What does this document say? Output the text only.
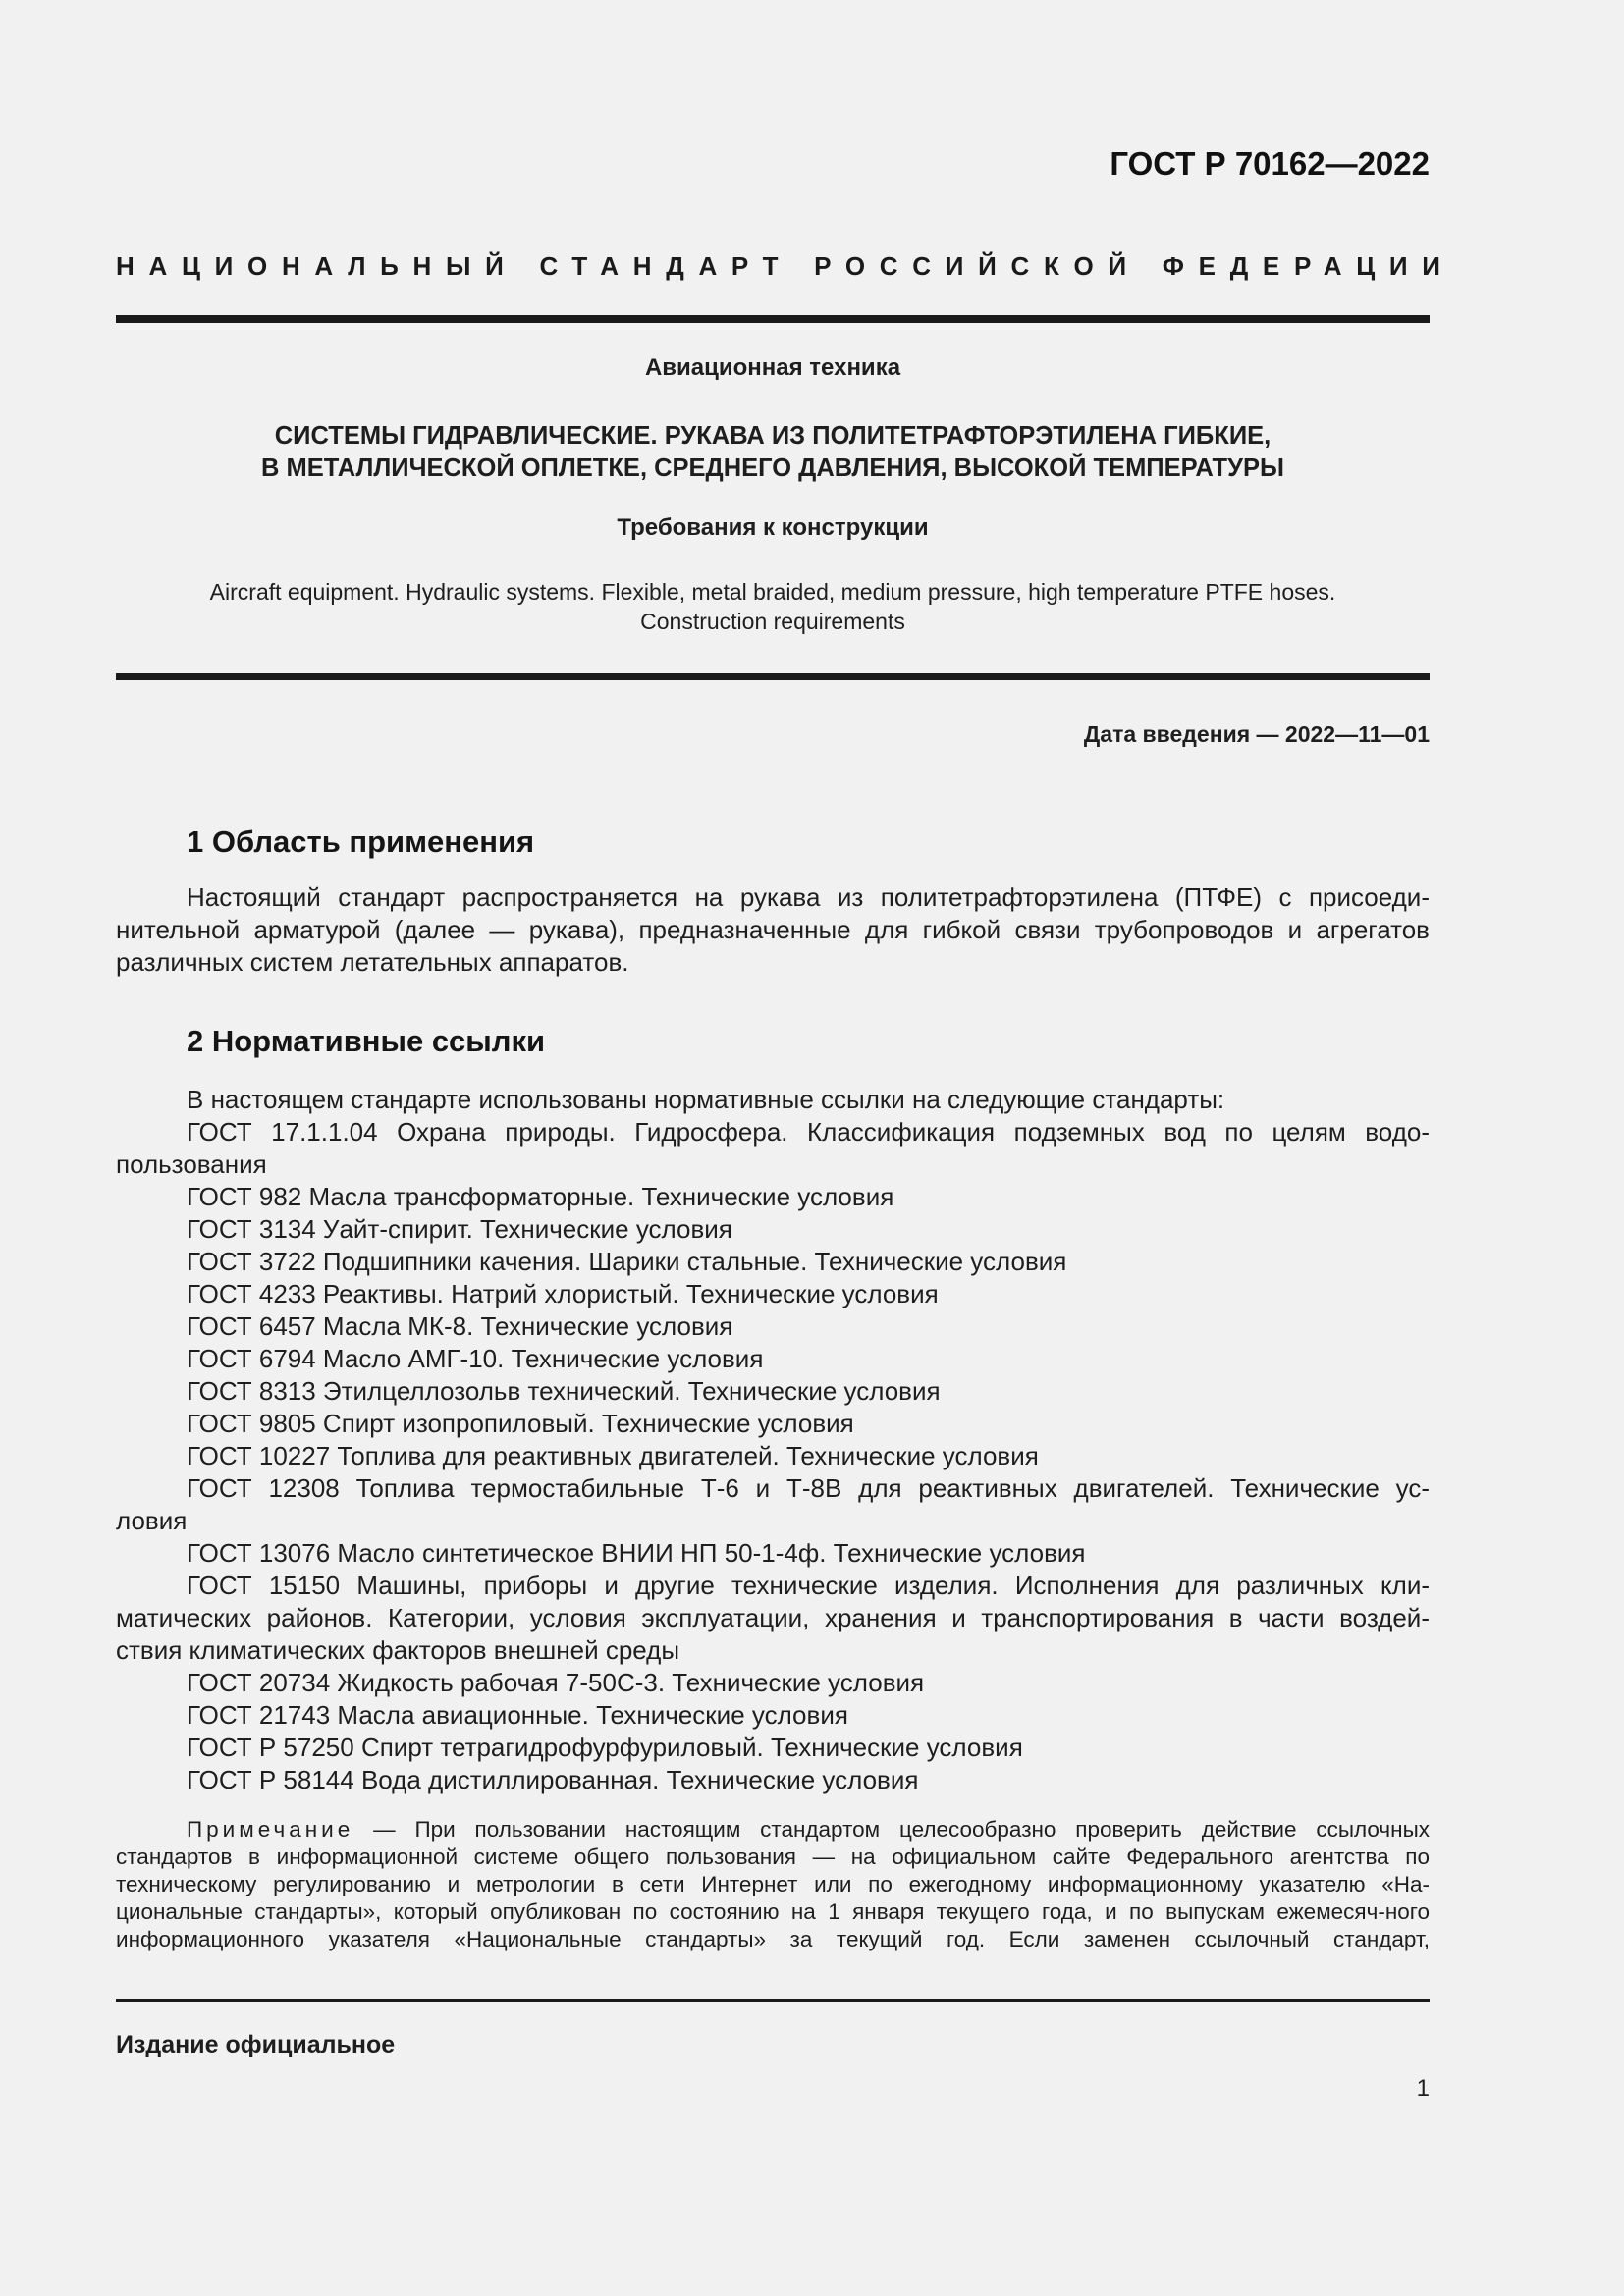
ГОСТ Р 70162—2022
НАЦИОНАЛЬНЫЙ СТАНДАРТ РОССИЙСКОЙ ФЕДЕРАЦИИ
Авиационная техника
СИСТЕМЫ ГИДРАВЛИЧЕСКИЕ. РУКАВА ИЗ ПОЛИТЕТРАФТОРЭТИЛЕНА ГИБКИЕ,
В МЕТАЛЛИЧЕСКОЙ ОПЛЕТКЕ, СРЕДНЕГО ДАВЛЕНИЯ, ВЫСОКОЙ ТЕМПЕРАТУРЫ
Требования к конструкции
Aircraft equipment. Hydraulic systems. Flexible, metal braided, medium pressure, high temperature PTFE hoses.
Construction requirements
Дата введения — 2022—11—01
1 Область применения
Настоящий стандарт распространяется на рукава из политетрафторэтилена (ПТФЕ) с присоеди-нительной арматурой (далее — рукава), предназначенные для гибкой связи трубопроводов и агрегатов различных систем летательных аппаратов.
2 Нормативные ссылки
В настоящем стандарте использованы нормативные ссылки на следующие стандарты:
ГОСТ 17.1.1.04 Охрана природы. Гидросфера. Классификация подземных вод по целям водо-
пользования
ГОСТ 982 Масла трансформаторные. Технические условия
ГОСТ 3134 Уайт-спирит. Технические условия
ГОСТ 3722 Подшипники качения. Шарики стальные. Технические условия
ГОСТ 4233 Реактивы. Натрий хлористый. Технические условия
ГОСТ 6457 Масла МК-8. Технические условия
ГОСТ 6794 Масло АМГ-10. Технические условия
ГОСТ 8313 Этилцеллозольв технический. Технические условия
ГОСТ 9805 Спирт изопропиловый. Технические условия
ГОСТ 10227 Топлива для реактивных двигателей. Технические условия
ГОСТ 12308 Топлива термостабильные Т-6 и Т-8В для реактивных двигателей. Технические ус-
ловия
ГОСТ 13076 Масло синтетическое ВНИИ НП 50-1-4ф. Технические условия
ГОСТ 15150 Машины, приборы и другие технические изделия. Исполнения для различных кли-
матических районов. Категории, условия эксплуатации, хранения и транспортирования в части воздей-
ствия климатических факторов внешней среды
ГОСТ 20734 Жидкость рабочая 7-50С-3. Технические условия
ГОСТ 21743 Масла авиационные. Технические условия
ГОСТ Р 57250 Спирт тетрагидрофурфуриловый. Технические условия
ГОСТ Р 58144 Вода дистиллированная. Технические условия
Примечание — При пользовании настоящим стандартом целесообразно проверить действие ссылочных стандартов в информационной системе общего пользования — на официальном сайте Федерального агентства по техническому регулированию и метрологии в сети Интернет или по ежегодному информационному указателю «На-циональные стандарты», который опубликован по состоянию на 1 января текущего года, и по выпускам ежемесяч-ного информационного указателя «Национальные стандарты» за текущий год. Если заменен ссылочный стандарт,
Издание официальное
1
